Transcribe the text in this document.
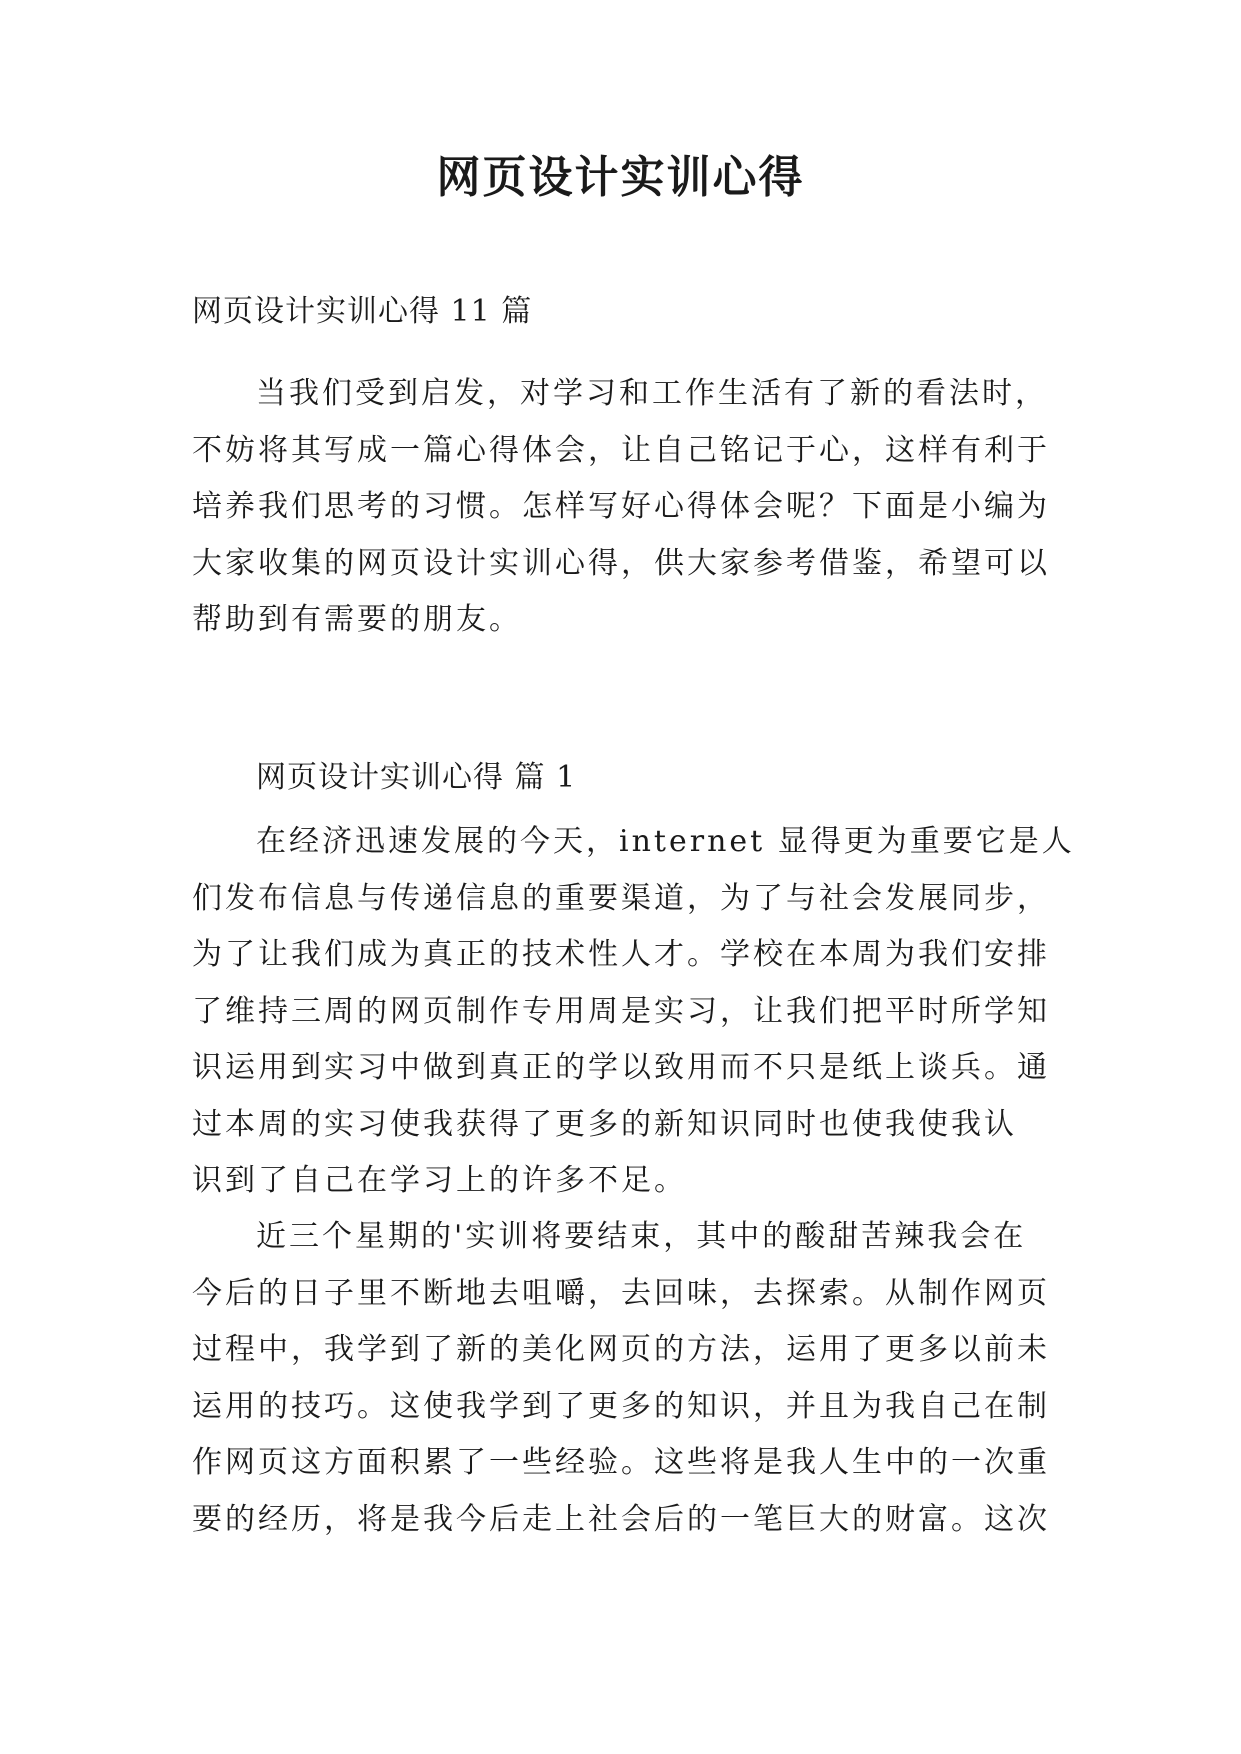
网页设计实训心得

网页设计实训心得 11 篇

当我们受到启发，对学习和工作生活有了新的看法时，
不妨将其写成一篇心得体会，让自己铭记于心，这样有利于
培养我们思考的习惯。怎样写好心得体会呢？下面是小编为
大家收集的网页设计实训心得，供大家参考借鉴，希望可以
帮助到有需要的朋友。

网页设计实训心得 篇 1

在经济迅速发展的今天，internet 显得更为重要它是人
们发布信息与传递信息的重要渠道，为了与社会发展同步，
为了让我们成为真正的技术性人才。学校在本周为我们安排
了维持三周的网页制作专用周是实习，让我们把平时所学知
识运用到实习中做到真正的学以致用而不只是纸上谈兵。通
过本周的实习使我获得了更多的新知识同时也使我使我认
识到了自己在学习上的许多不足。
近三个星期的'实训将要结束，其中的酸甜苦辣我会在
今后的日子里不断地去咀嚼，去回味，去探索。从制作网页
过程中，我学到了新的美化网页的方法，运用了更多以前未
运用的技巧。这使我学到了更多的知识，并且为我自己在制
作网页这方面积累了一些经验。这些将是我人生中的一次重
要的经历，将是我今后走上社会后的一笔巨大的财富。这次
